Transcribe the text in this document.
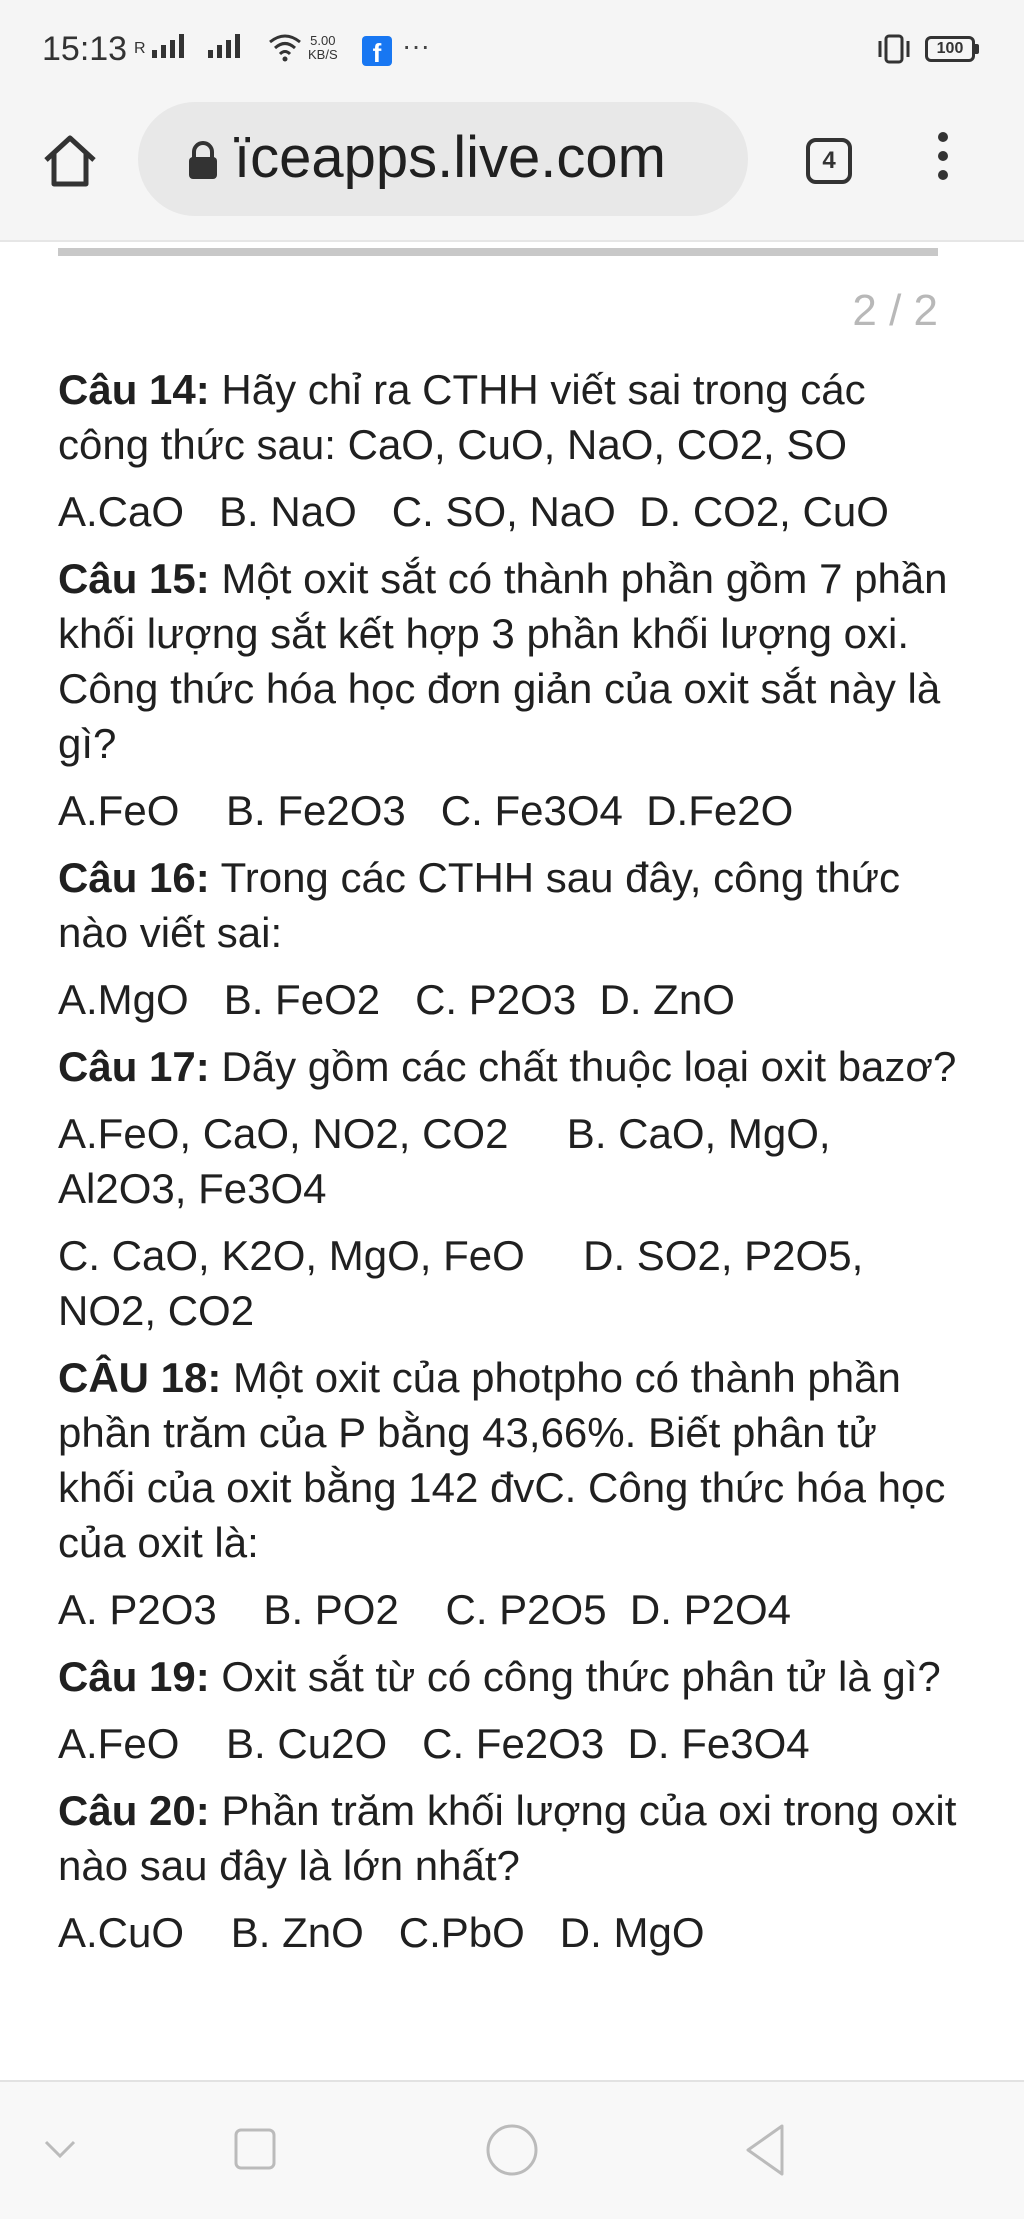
15:13 R	5.00
KB/S	f ···	100
ïceapps.live.com	4
2 / 2

Câu 14: Hãy chỉ ra CTHH viết sai trong các công thức sau: CaO, CuO, NaO, CO2, SO

A.CaO   B. NaO   C. SO, NaO  D. CO2, CuO

Câu 15: Một oxit sắt có thành phần gồm 7 phần khối lượng sắt kết hợp 3 phần khối lượng oxi. Công thức hóa học đơn giản của oxit sắt này là gì?

A.FeO    B. Fe2O3   C. Fe3O4  D.Fe2O

Câu 16: Trong các CTHH sau đây, công thức nào viết sai:

A.MgO   B. FeO2   C. P2O3  D. ZnO

Câu 17: Dãy gồm các chất thuộc loại oxit bazơ?

A.FeO, CaO, NO2, CO2     B. CaO, MgO, Al2O3, Fe3O4

C. CaO, K2O, MgO, FeO     D. SO2, P2O5, NO2, CO2

CÂU 18: Một oxit của photpho có thành phần phần trăm của P bằng 43,66%. Biết phân tử khối của oxit bằng 142 đvC. Công thức hóa học của oxit là:

A. P2O3    B. PO2    C. P2O5  D. P2O4

Câu 19: Oxit sắt từ có công thức phân tử là gì?

A.FeO    B. Cu2O   C. Fe2O3  D. Fe3O4

Câu 20: Phần trăm khối lượng của oxi trong oxit nào sau đây là lớn nhất?

A.CuO    B. ZnO   C.PbO   D. MgO
